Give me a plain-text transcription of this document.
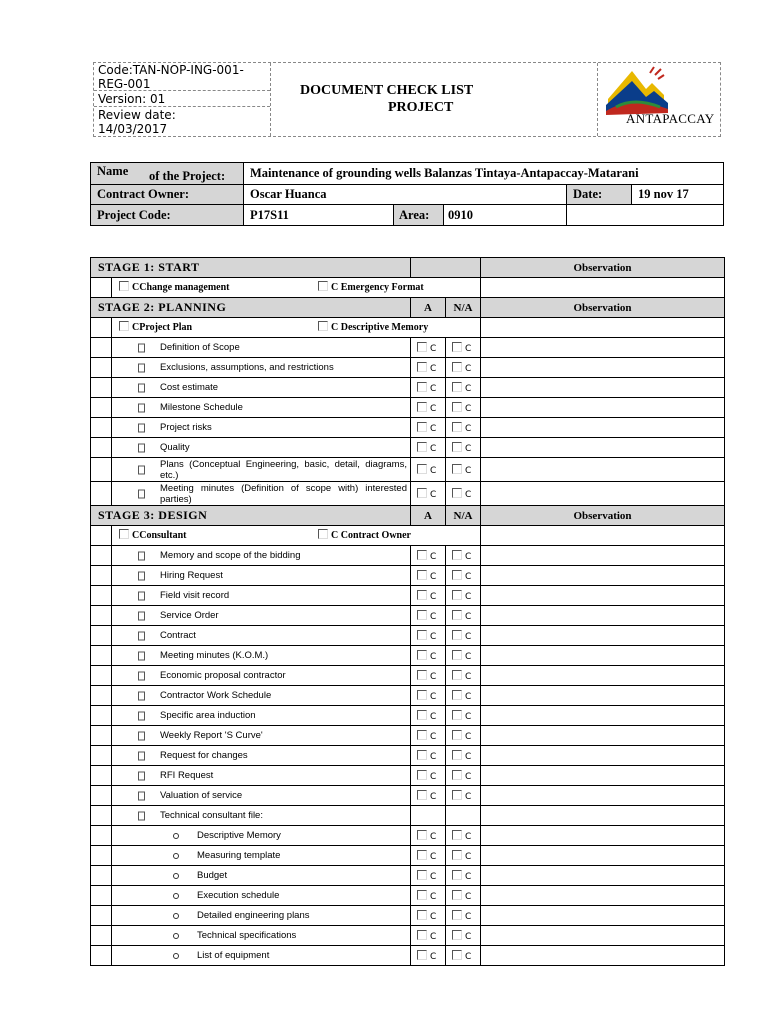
Code:TAN-NOP-ING-001-
REG-001
Version: 01
Review date:
14/03/2017
DOCUMENT CHECK LIST
PROJECT
ANTAPACCAY
Name of the Project:	Maintenance of grounding wells Balanzas Tintaya-Antapaccay-Matarani			
Contract Owner:	Oscar Huanca		Date:	19 nov 17
Project Code:	P17S11	Area: 0910		

STAGE 1: START				Observation

	CChange management C Emergency Format			

STAGE 2: PLANNING		A	N/A	Observation

	CProject Plan C Descriptive Memory			

	Definition of Scope	C	C	

	Exclusions, assumptions, and restrictions	C	C	

	Cost estimate	C	C	

	Milestone Schedule	C	C	

	Project risks	C	C	

	Quality	C	C	

	Plans (Conceptual Engineering, basic, detail, diagrams, etc.)	C	C	

	Meeting minutes (Definition of scope with) interested parties)	C	C	
STAGE 3: DESIGN		A	N/A	Observation

	CConsultant C Contract Owner			

	Memory and scope of the bidding	C	C	

	Hiring Request	C	C	

	Field visit record	C	C	

	Service Order	C	C	

	Contract	C	C	

	Meeting minutes (K.O.M.)	C	C	

	Economic proposal contractor	C	C	

	Contractor Work Schedule	C	C	

	Specific area induction	C	C	

	Weekly Report 'S Curve'	C	C	

	Request for changes	C	C	

	RFI Request	C	C	

	Valuation of service	C	C	

	Technical consultant file:			

	Descriptive Memory	C	C	

	Measuring template	C	C	

	Budget	C	C	

	Execution schedule	C	C	

	Detailed engineering plans	C	C	

	Technical specifications	C	C	

	List of equipment	C	C	
